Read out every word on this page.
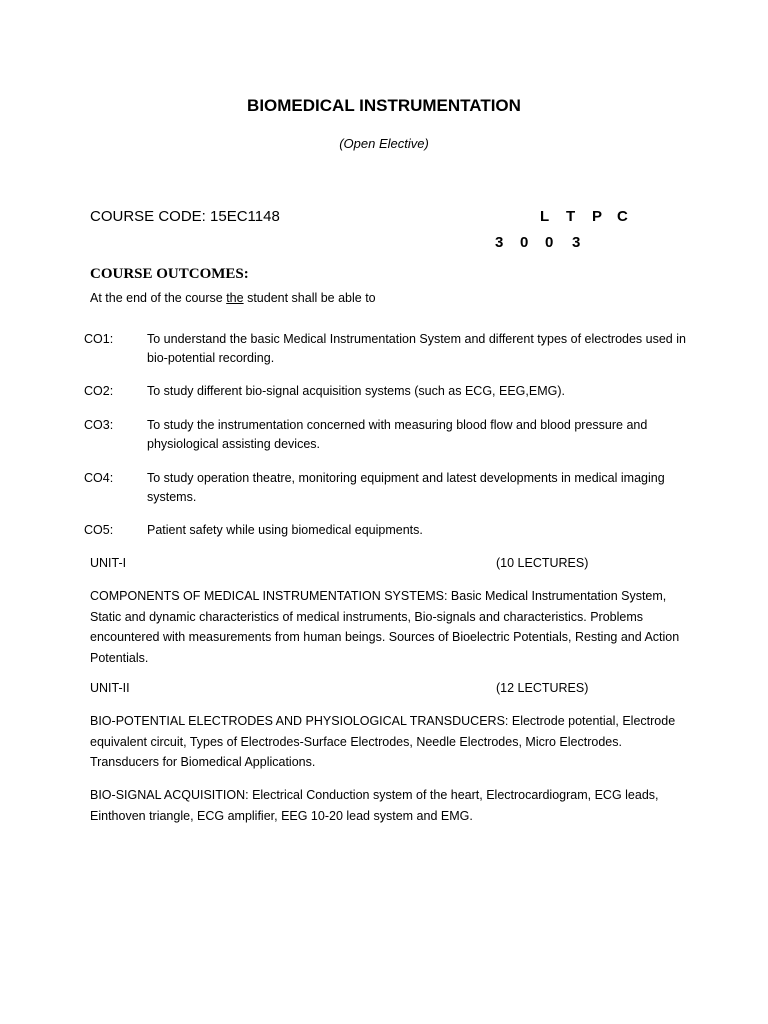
BIOMEDICAL INSTRUMENTATION
(Open Elective)
COURSE CODE: 15EC1148	L T P C
3 0 0 3
COURSE OUTCOMES:
At the end of the course the student shall be able to
CO1:	To understand the basic Medical Instrumentation System and different types of electrodes used in bio-potential recording.
CO2:	To study different bio-signal acquisition systems (such as ECG, EEG,EMG).
CO3:	To study the instrumentation concerned with measuring blood flow and blood pressure and physiological assisting devices.
CO4:	To study operation theatre, monitoring equipment and latest developments in medical imaging systems.
CO5:	Patient safety while using biomedical equipments.
UNIT-I	(10 LECTURES)
COMPONENTS OF MEDICAL INSTRUMENTATION SYSTEMS: Basic Medical Instrumentation System, Static and dynamic characteristics of medical instruments, Bio-signals and characteristics. Problems encountered with measurements from human beings. Sources of Bioelectric Potentials, Resting and Action Potentials.
UNIT-II	(12 LECTURES)
BIO-POTENTIAL ELECTRODES AND PHYSIOLOGICAL TRANSDUCERS: Electrode potential, Electrode equivalent circuit, Types of Electrodes-Surface Electrodes, Needle Electrodes, Micro Electrodes. Transducers for Biomedical Applications.
BIO-SIGNAL ACQUISITION: Electrical Conduction system of the heart, Electrocardiogram, ECG leads, Einthoven triangle, ECG amplifier, EEG 10-20 lead system and EMG.
